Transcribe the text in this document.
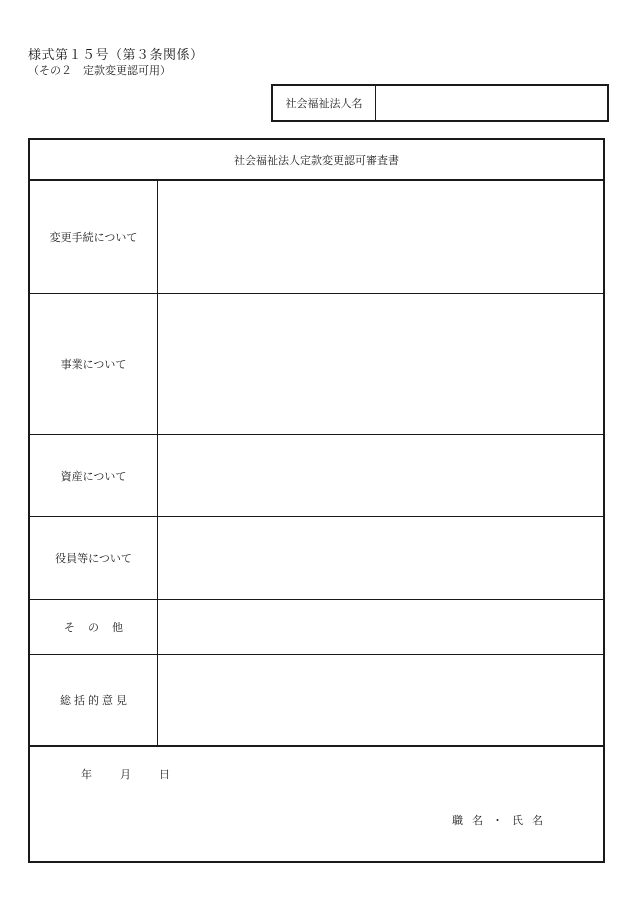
様式第１５号（第３条関係）
（その２　定款変更認可用）
社会福祉法人名
社会福祉法人定款変更認可審査書
変更手続について
事業について
資産について
役員等について
その他
総括的意見
年	月	日
職名・氏名
